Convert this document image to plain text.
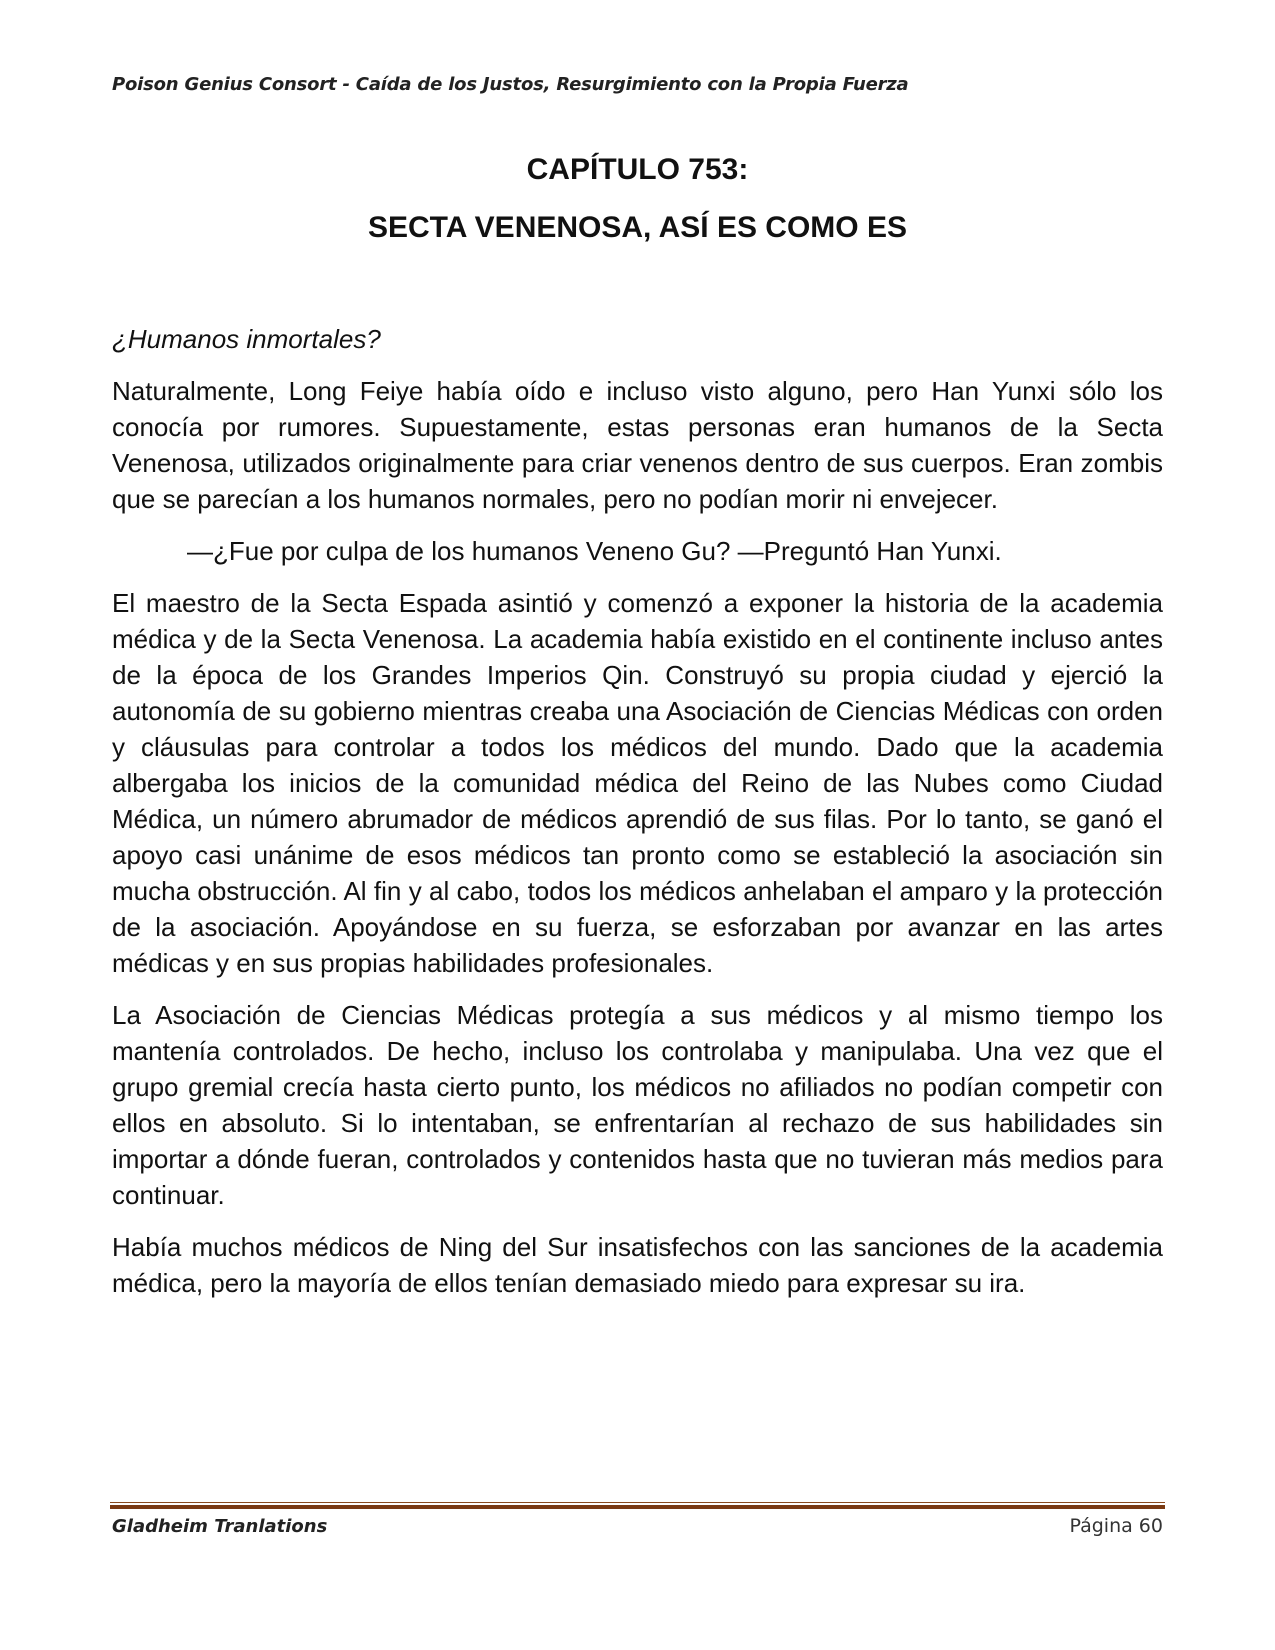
Poison Genius Consort - Caída de los Justos, Resurgimiento con la Propia Fuerza
CAPÍTULO 753:
SECTA VENENOSA, ASÍ ES COMO ES

¿Humanos inmortales?

Naturalmente, Long Feiye había oído e incluso visto alguno, pero Han Yunxi sólo los conocía por rumores. Supuestamente, estas personas eran humanos de la Secta Venenosa, utilizados originalmente para criar venenos dentro de sus cuerpos. Eran zombis que se parecían a los humanos normales, pero no podían morir ni envejecer.

—¿Fue por culpa de los humanos Veneno Gu? —Preguntó Han Yunxi.

El maestro de la Secta Espada asintió y comenzó a exponer la historia de la academia médica y de la Secta Venenosa. La academia había existido en el continente incluso antes de la época de los Grandes Imperios Qin. Construyó su propia ciudad y ejerció la autonomía de su gobierno mientras creaba una Asociación de Ciencias Médicas con orden y cláusulas para controlar a todos los médicos del mundo. Dado que la academia albergaba los inicios de la comunidad médica del Reino de las Nubes como Ciudad Médica, un número abrumador de médicos aprendió de sus filas. Por lo tanto, se ganó el apoyo casi unánime de esos médicos tan pronto como se estableció la asociación sin mucha obstrucción. Al fin y al cabo, todos los médicos anhelaban el amparo y la protección de la asociación. Apoyándose en su fuerza, se esforzaban por avanzar en las artes médicas y en sus propias habilidades profesionales.

La Asociación de Ciencias Médicas protegía a sus médicos y al mismo tiempo los mantenía controlados. De hecho, incluso los controlaba y manipulaba. Una vez que el grupo gremial crecía hasta cierto punto, los médicos no afiliados no podían competir con ellos en absoluto. Si lo intentaban, se enfrentarían al rechazo de sus habilidades sin importar a dónde fueran, controlados y contenidos hasta que no tuvieran más medios para continuar.

Había muchos médicos de Ning del Sur insatisfechos con las sanciones de la academia médica, pero la mayoría de ellos tenían demasiado miedo para expresar su ira.

Gladheim Tranlations	Página 60
